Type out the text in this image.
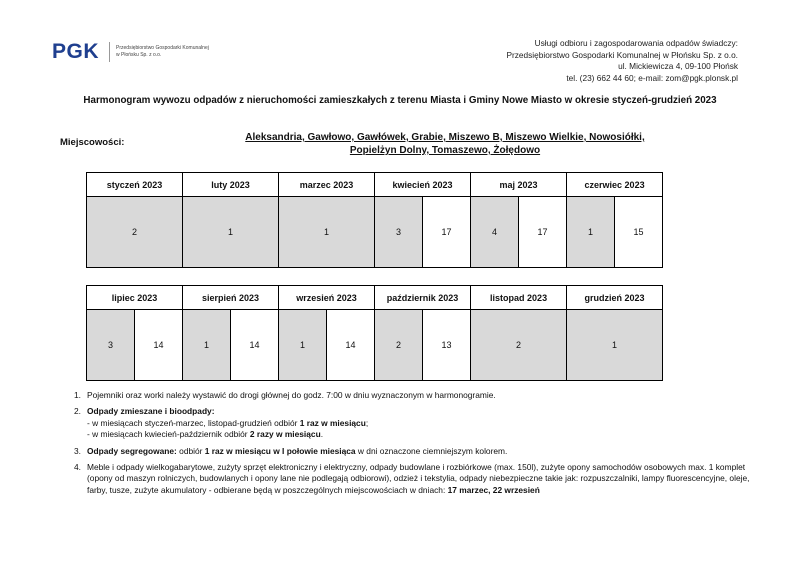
PGK	Przedsiębiorstwo Gospodarki Komunalnej
w Płońsku Sp. z o.o.
Usługi odbioru i zagospodarowania odpadów świadczy:
Przedsiębiorstwo Gospodarki Komunalnej w Płońsku Sp. z o.o.
ul. Mickiewicza 4, 09-100 Płońsk
tel. (23) 662 44 60; e-mail: zom@pgk.plonsk.pl
Harmonogram wywozu odpadów z nieruchomości zamieszkałych z terenu Miasta i Gminy Nowe Miasto w okresie styczeń-grudzień 2023
Miejscowości:	Aleksandria, Gawłowo, Gawłówek, Grabie, Miszewo B, Miszewo Wielkie, Nowosiółki,
Popielżyn Dolny, Tomaszewo, Żołędowo
styczeń 2023	luty 2023	marzec 2023	kwiecień 2023		maj 2023		czerwiec 2023	
2	1	1	3	17	4	17	1	15
lipiec 2023		sierpień 2023		wrzesień 2023		październik 2023		listopad 2023	grudzień 2023
3	14	1	14	1	14	2	13	2	1
1. Pojemniki oraz worki należy wystawić do drogi głównej do godz. 7:00 w dniu wyznaczonym w harmonogramie.
2. Odpady zmieszane i bioodpady:
- w miesiącach styczeń-marzec, listopad-grudzień odbiór 1 raz w miesiącu;
- w miesiącach kwiecień-październik odbiór 2 razy w miesiącu.
3. Odpady segregowane: odbiór 1 raz w miesiącu w I połowie miesiąca w dni oznaczone ciemniejszym kolorem.
4. Meble i odpady wielkogabarytowe, zużyty sprzęt elektroniczny i elektryczny, odpady budowlane i rozbiórkowe (max. 150l), zużyte opony samochodów osobowych max. 1 komplet (opony od maszyn rolniczych, budowlanych i opony lane nie podlegają odbiorowi), odzież i tekstylia, odpady niebezpieczne takie jak: rozpuszczalniki, lampy fluorescencyjne, oleje, farby, tusze, zużyte akumulatory - odbierane będą w poszczególnych miejscowościach w dniach: 17 marzec, 22 wrzesień
